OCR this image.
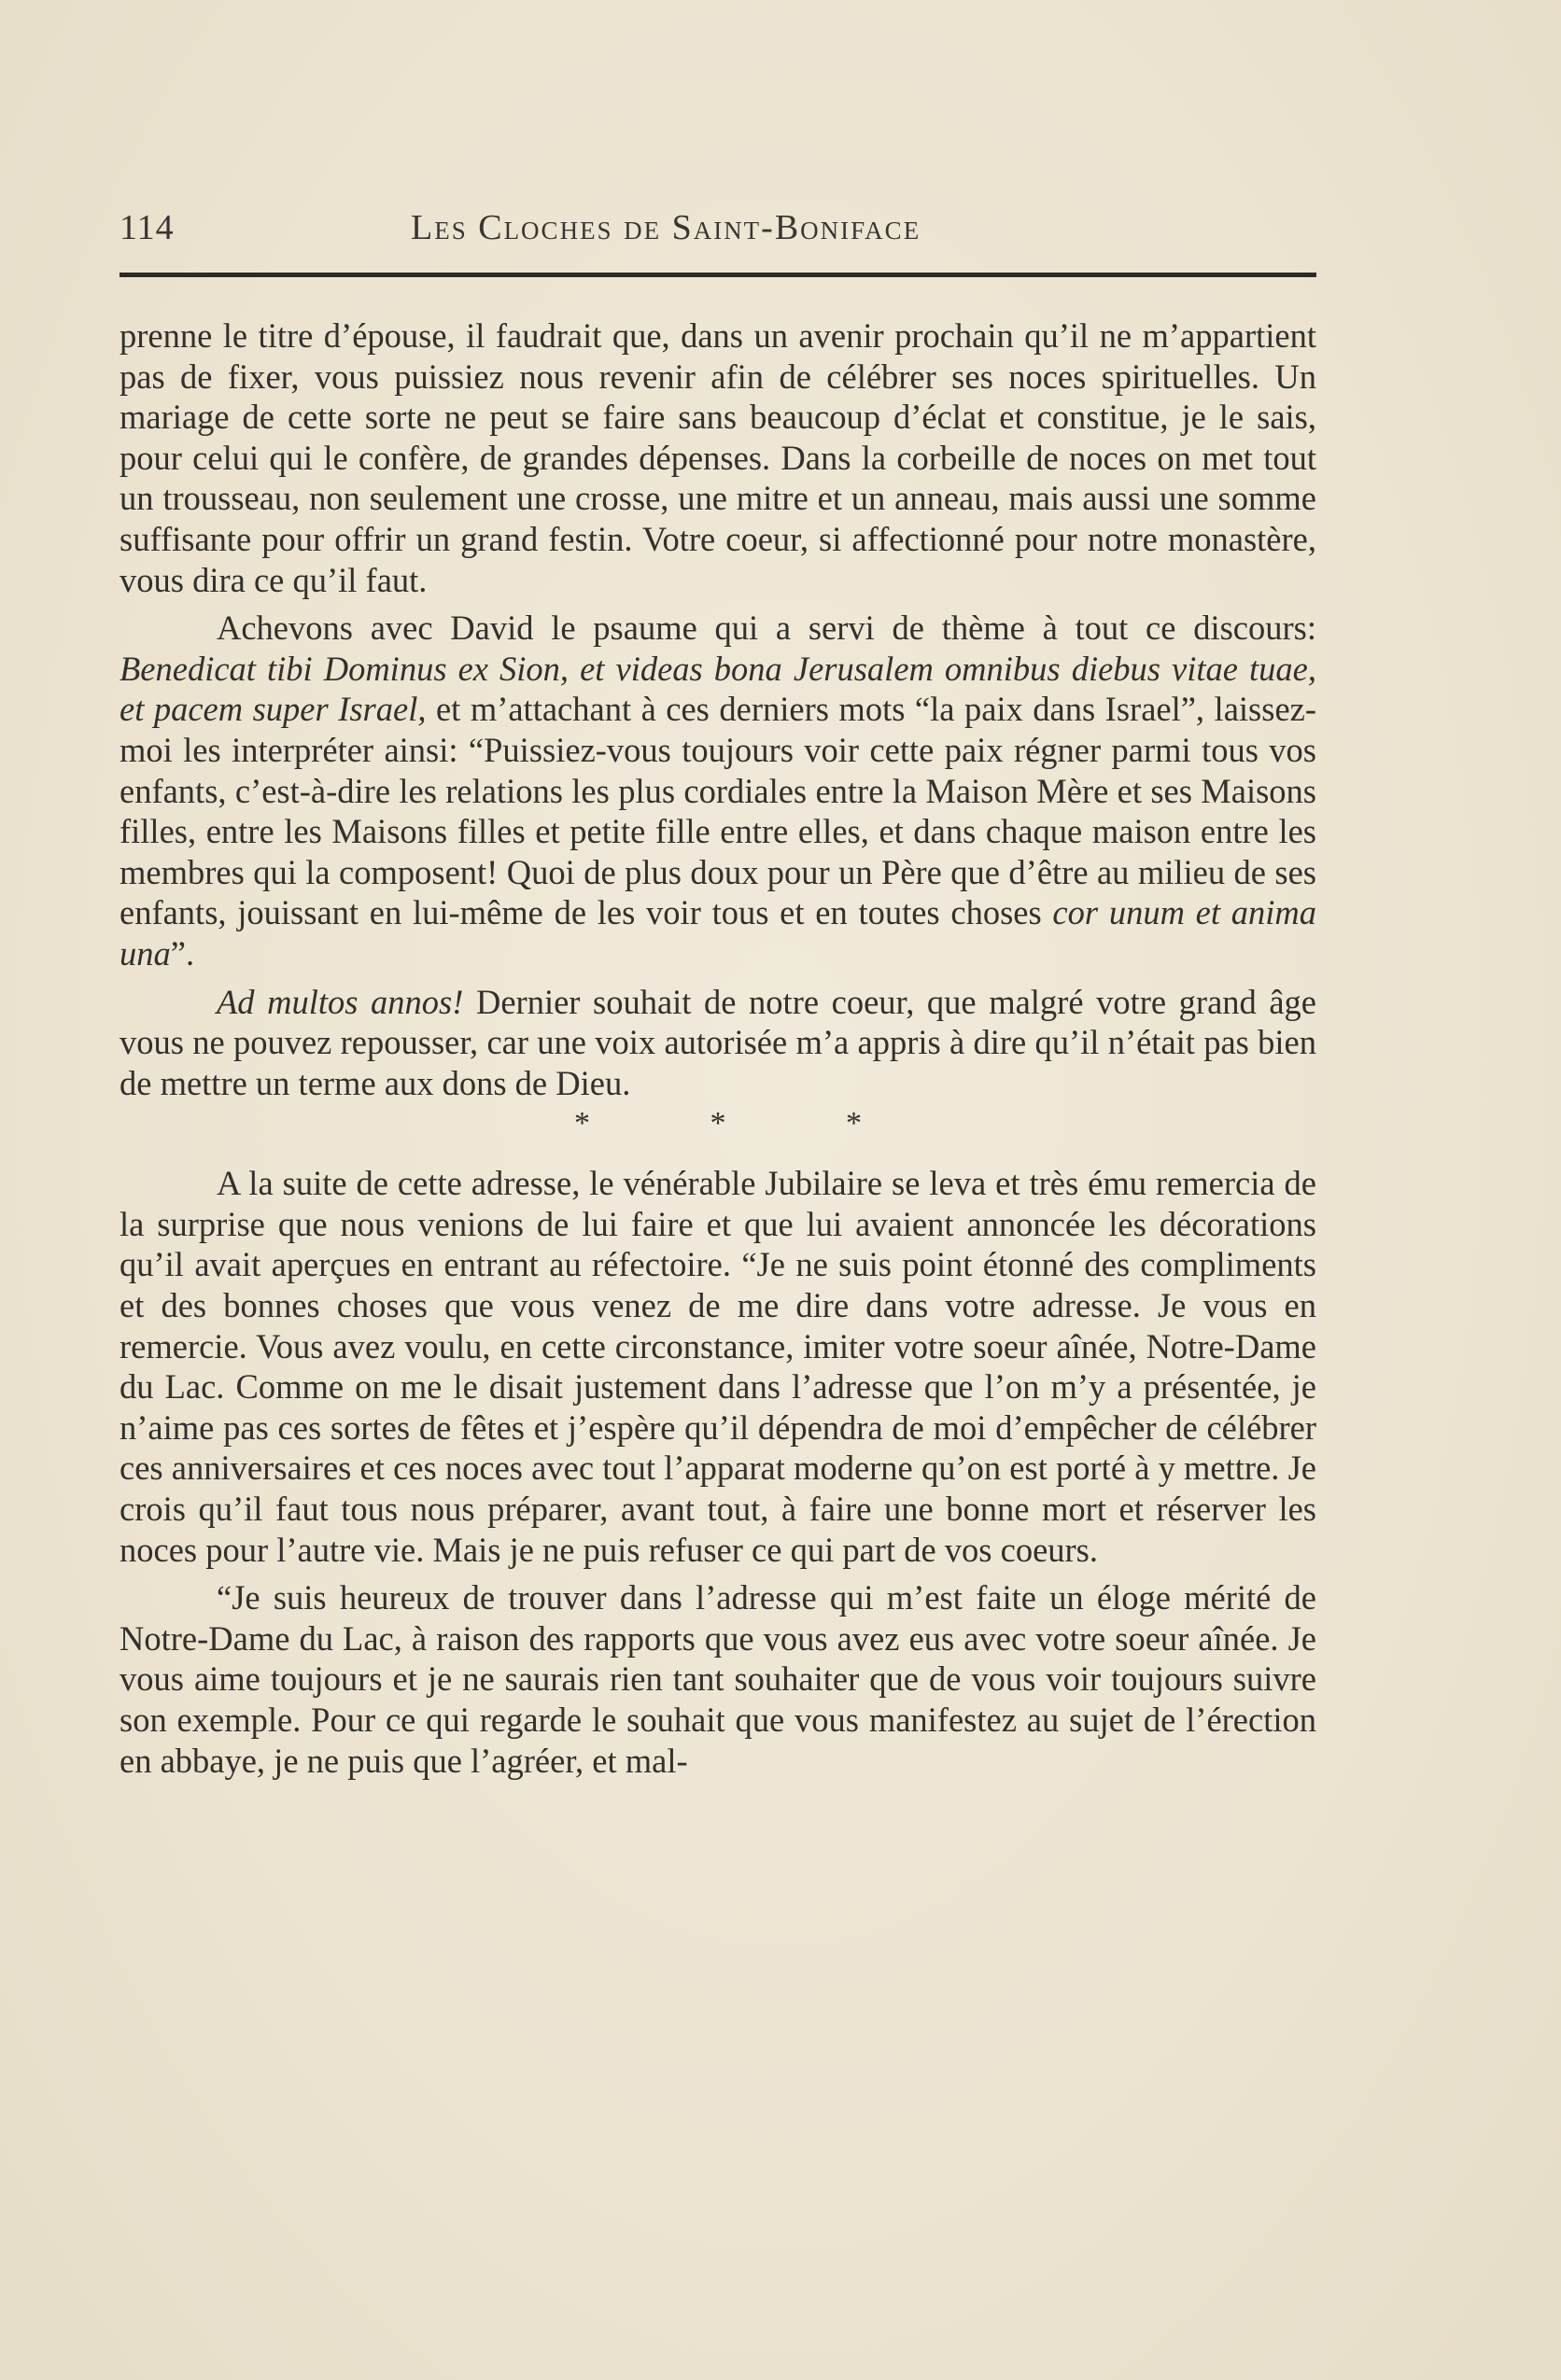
114	Les Cloches de Saint-Boniface

prenne le titre d’épouse, il faudrait que, dans un avenir prochain qu’il ne m’appartient pas de fixer, vous puissiez nous revenir afin de célébrer ses noces spirituelles. Un mariage de cette sorte ne peut se faire sans beaucoup d’éclat et constitue, je le sais, pour celui qui le confère, de grandes dépenses. Dans la corbeille de noces on met tout un trousseau, non seulement une crosse, une mitre et un anneau, mais aussi une somme suffisante pour offrir un grand festin. Votre coeur, si affectionné pour notre monastère, vous dira ce qu’il faut.

Achevons avec David le psaume qui a servi de thème à tout ce discours: Benedicat tibi Dominus ex Sion, et videas bona Jerusalem omnibus diebus vitae tuae, et pacem super Israel, et m’attachant à ces derniers mots “la paix dans Israel”, laissez-moi les interpréter ainsi: “Puissiez-vous toujours voir cette paix régner parmi tous vos enfants, c’est-à-dire les relations les plus cordiales entre la Maison Mère et ses Maisons filles, entre les Maisons filles et petite fille entre elles, et dans chaque maison entre les membres qui la composent! Quoi de plus doux pour un Père que d’être au milieu de ses enfants, jouissant en lui-même de les voir tous et en toutes choses cor unum et anima una”.

Ad multos annos! Dernier souhait de notre coeur, que malgré votre grand âge vous ne pouvez repousser, car une voix autorisée m’a appris à dire qu’il n’était pas bien de mettre un terme aux dons de Dieu.

* * *

A la suite de cette adresse, le vénérable Jubilaire se leva et très ému remercia de la surprise que nous venions de lui faire et que lui avaient annoncée les décorations qu’il avait aperçues en entrant au réfectoire. “Je ne suis point étonné des compliments et des bonnes choses que vous venez de me dire dans votre adresse. Je vous en remercie. Vous avez voulu, en cette circonstance, imiter votre soeur aînée, Notre-Dame du Lac. Comme on me le disait justement dans l’adresse que l’on m’y a présentée, je n’aime pas ces sortes de fêtes et j’espère qu’il dépendra de moi d’empêcher de célébrer ces anniversaires et ces noces avec tout l’apparat moderne qu’on est porté à y mettre. Je crois qu’il faut tous nous préparer, avant tout, à faire une bonne mort et réserver les noces pour l’autre vie. Mais je ne puis refuser ce qui part de vos coeurs.

“Je suis heureux de trouver dans l’adresse qui m’est faite un éloge mérité de Notre-Dame du Lac, à raison des rapports que vous avez eus avec votre soeur aînée. Je vous aime toujours et je ne saurais rien tant souhaiter que de vous voir toujours suivre son exemple. Pour ce qui regarde le souhait que vous manifestez au sujet de l’érection en abbaye, je ne puis que l’agréer, et mal-
